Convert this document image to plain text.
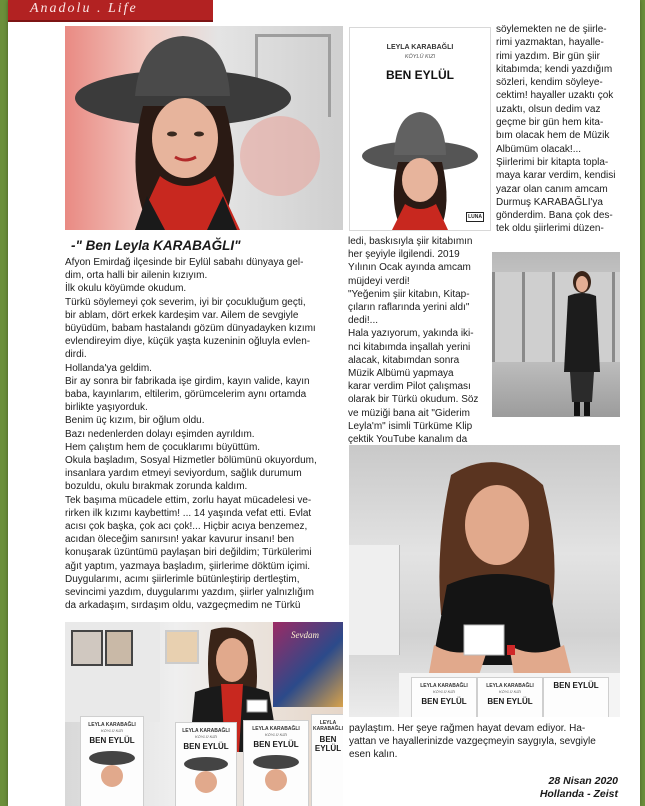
Anadolu . Life
LEYLA KARABAĞLI
KÖYLÜ KIZI
BEN EYLÜL
LUNA

söylemekten ne de şiirle-

rimi yazmaktan, hayalle-

rimi yazdım. Bir gün şiir

kitabımda; kendi yazdığım

sözleri, kendim söyleye-

cektim! hayaller uzaktı çok

uzaktı, olsun dedim vaz

geçme bir gün hem kita-

bım olacak hem de Müzik

Albümüm olacak!...

Şiirlerimi bir kitapta topla-

maya karar verdim, kendisi

yazar olan canım amcam

Durmuş KARABAĞLI'ya

gönderdim. Bana çok des-

tek oldu şiirlerimi düzen-

-" Ben Leyla KARABAĞLI"

Afyon Emirdağ ilçesinde bir Eylül sabahı dünyaya gel-

dim, orta halli bir ailenin kızıyım.

İlk okulu köyümde okudum.

Türkü söylemeyi çok severim, iyi bir çocukluğum geçti,

bir ablam, dört erkek kardeşim var. Ailem de sevgiyle

büyüdüm, babam hastalandı gözüm dünyadayken kızımı

evlendireyim diye, küçük yaşta kuzeninin oğluyla evlen-

dirdi.

Hollanda'ya geldim.

Bir ay sonra bir fabrikada işe girdim, kayın valide, kayın

baba, kayınlarım, eltilerim, görümcelerim aynı ortamda

birlikte yaşıyorduk.

Benim üç kızım, bir oğlum oldu.

Bazı nedenlerden dolayı eşimden ayrıldım.

Hem çalıştım hem de çocuklarımı büyüttüm.

Okula başladım, Sosyal Hizmetler bölümünü okuyordum,

insanlara yardım etmeyi seviyordum, sağlık durumum

bozuldu, okulu bırakmak zorunda kaldım.

Tek başıma mücadele ettim, zorlu hayat mücadelesi ve-

rirken ilk kızımı kaybettim! ... 14 yaşında vefat etti. Evlat

acısı çok başka, çok acı çok!... Hiçbir acıya benzemez,

acıdan öleceğim sanırsın! yakar kavurur insanı! ben

konuşarak üzüntümü paylaşan biri değildim; Türkülerimi

ağıt yaptım, yazmaya başladım, şiirlerime döktüm içimi.

Duygularımı, acımı şiirlerimle bütünleştirip dertleştim,

sevincimi yazdım, duygularımı yazdım, şiirler yalnızlığım

da arkadaşım, sırdaşım oldu, vazgeçmedim ne Türkü

ledi, baskısıyla şiir kitabımın

her şeyiyle ilgilendi. 2019

Yılının Ocak ayında amcam

müjdeyi verdi!

"Yeğenim şiir kitabın, Kitap-

çıların raflarında yerini aldı"

dedi!...

Hala yazıyorum, yakında iki-

nci kitabımda inşallah yerini

alacak, kitabımdan sonra

Müzik Albümü yapmaya

karar verdim Pilot çalışması

olarak bir Türkü okudum. Söz

ve müziği bana ait "Giderim

Leyla'm" isimli Türküme Klip

çektik YouTube kanalım da

LEYLA KARABAĞLI
KÖYLÜ KIZI
BEN EYLÜL
LEYLA KARABAĞLI
KÖYLÜ KIZI
BEN EYLÜL
BEN EYLÜL

paylaştım. Her şeye rağmen hayat devam ediyor. Ha-

yattan ve hayallerinizde vazgeçmeyin saygıyla, sevgiyle

esen kalın.

Sevdam
LEYLA KARABAĞLI
KÖYLÜ KIZI
BEN EYLÜL
LEYLA KARABAĞLI
KÖYLÜ KIZI
BEN EYLÜL
LEYLA KARABAĞLI
KÖYLÜ KIZI
BEN EYLÜL
LEYLA KARABAĞLI
BEN EYLÜL
28 Nisan 2020
Hollanda - Zeist
